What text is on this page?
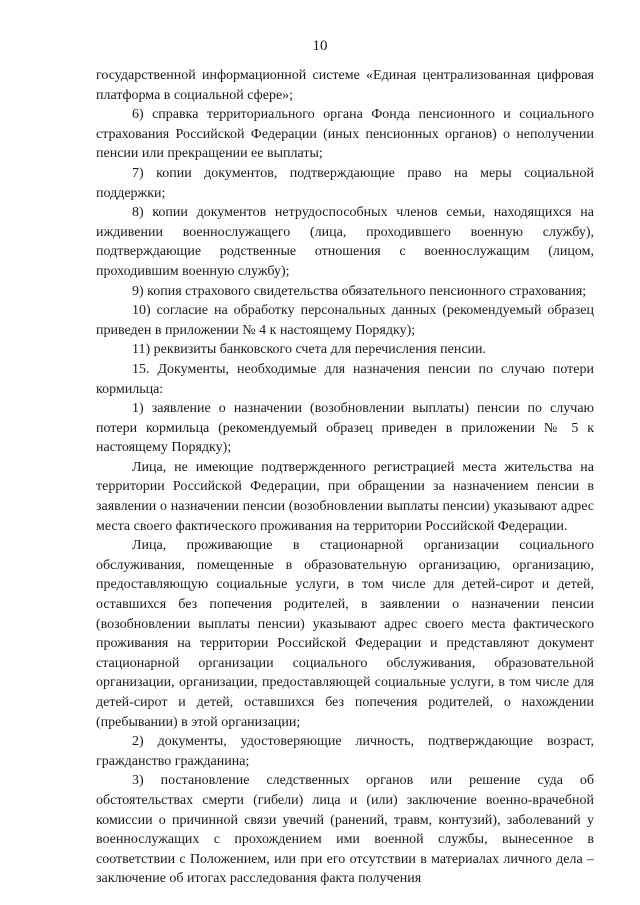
10

государственной информационной системе «Единая централизованная цифровая платформа в социальной сфере»;

6) справка территориального органа Фонда пенсионного и социального страхования Российской Федерации (иных пенсионных органов) о неполучении пенсии или прекращении ее выплаты;

7) копии документов, подтверждающие право на меры социальной поддержки;

8) копии документов нетрудоспособных членов семьи, находящихся на иждивении военнослужащего (лица, проходившего военную службу), подтверждающие родственные отношения с военнослужащим (лицом, проходившим военную службу);

9) копия страхового свидетельства обязательного пенсионного страхования;

10) согласие на обработку персональных данных (рекомендуемый образец приведен в приложении № 4 к настоящему Порядку);

11) реквизиты банковского счета для перечисления пенсии.

15. Документы, необходимые для назначения пенсии по случаю потери кормильца:

1) заявление о назначении (возобновлении выплаты) пенсии по случаю потери кормильца (рекомендуемый образец приведен в приложении № 5 к настоящему Порядку);

Лица, не имеющие подтвержденного регистрацией места жительства на территории Российской Федерации, при обращении за назначением пенсии в заявлении о назначении пенсии (возобновлении выплаты пенсии) указывают адрес места своего фактического проживания на территории Российской Федерации.

Лица, проживающие в стационарной организации социального обслуживания, помещенные в образовательную организацию, организацию, предоставляющую социальные услуги, в том числе для детей-сирот и детей, оставшихся без попечения родителей, в заявлении о назначении пенсии (возобновлении выплаты пенсии) указывают адрес своего места фактического проживания на территории Российской Федерации и представляют документ стационарной организации социального обслуживания, образовательной организации, организации, предоставляющей социальные услуги, в том числе для детей-сирот и детей, оставшихся без попечения родителей, о нахождении (пребывании) в этой организации;

2) документы, удостоверяющие личность, подтверждающие возраст, гражданство гражданина;

3) постановление следственных органов или решение суда об обстоятельствах смерти (гибели) лица и (или) заключение военно-врачебной комиссии о причинной связи увечий (ранений, травм, контузий), заболеваний у военнослужащих с прохождением ими военной службы, вынесенное в соответствии с Положением, или при его отсутствии в материалах личного дела – заключение об итогах расследования факта получения
